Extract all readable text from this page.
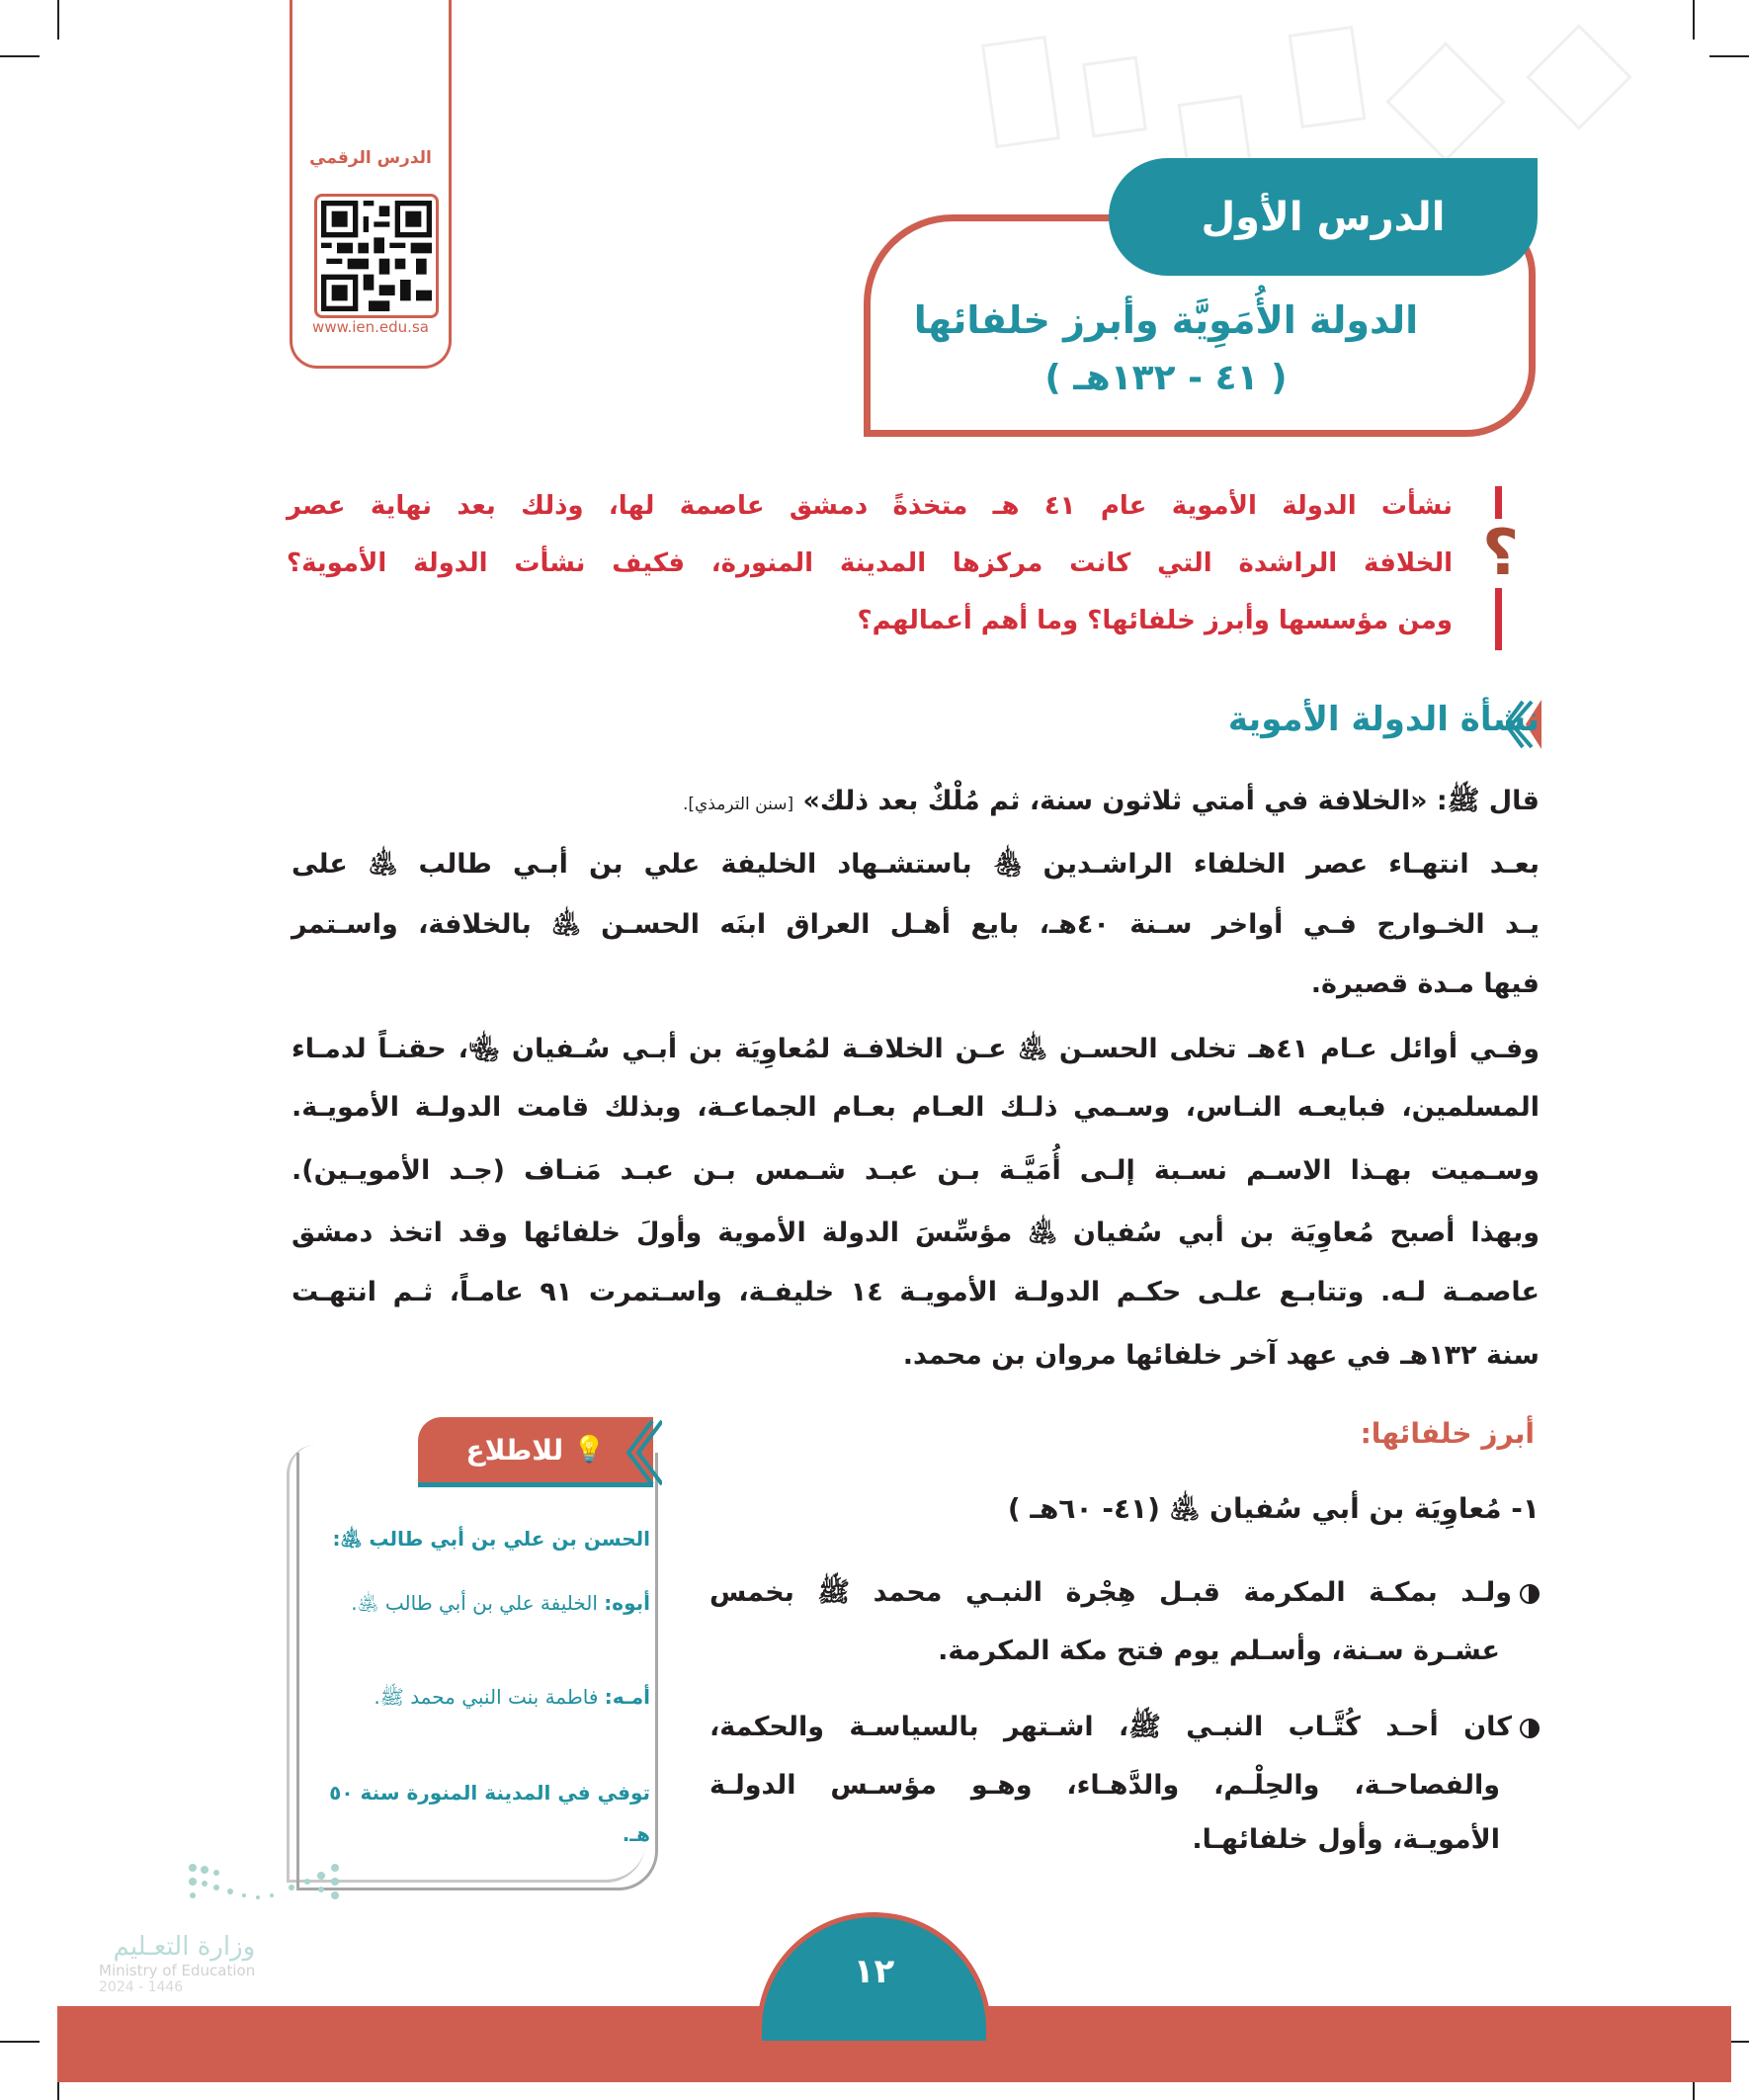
الدرس الرقمي
www.ien.edu.sa
الدرس الأول
الدولة الأُمَوِيَّة وأبرز خلفائها
( ٤١ - ١٣٢هـ )
؟
نشأت الدولة الأموية عام ٤١ هـ متخذةً دمشق عاصمة لها، وذلك بعد نهاية عصر
الخلافة الراشدة التي كانت مركزها المدينة المنورة، فكيف نشأت الدولة الأموية؟
ومن مؤسسها وأبرز خلفائها؟ وما أهم أعمالهم؟
نشأة الدولة الأموية
قال ﷺ: «الخلافة في أمتي ثلاثون سنة، ثم مُلْكٌ بعد ذلك» [سنن الترمذي].
بعـد انتهـاء عصر الخلفاء الراشـدين ﵃ باستشـهاد الخليفة علي بن أبـي طالب ﵁ على
يـد الخـوارج فـي أواخر سـنة ٤٠هـ، بايع أهـل العراق ابنَه الحسـن ﵁ بالخلافة، واسـتمر
فيها مـدة قصيرة.
وفـي أوائل عـام ٤١هـ تخلى الحسـن ﵁ عـن الخلافـة لمُعاوِيَة بن أبـي سُـفيان ﵄، حقنـاً لدمـاء
المسلمين، فبايعـه النـاس، وسـمي ذلـك العـام بعـام الجماعـة، وبذلك قامت الدولـة الأمويـة.
وسـميت بهـذا الاسـم نسـبة إلـى أُمَيَّـة بـن عبـد شـمس بـن عبـد مَنـاف (جـد الأمويـين).
وبهذا أصبح مُعاوِيَة بن أبي سُفيان ﵁ مؤسِّسَ الدولة الأموية وأولَ خلفائها وقد اتخذ دمشق
عاصمـة لـه. وتتابـع علـى حكـم الدولـة الأمويـة ١٤ خليفـة، واسـتمرت ٩١ عامـاً، ثـم انتهـت
سنة ١٣٢هـ في عهد آخر خلفائها مروان بن محمد.
أبرز خلفائها:
١- مُعاوِيَة بن أبي سُفيان ﵁ (٤١- ٦٠هـ )
ولـد بمكـة المكرمة قبـل هِجْرة النبـي محمد ﷺ بخمس
عشـرة سـنة، وأسـلم يوم فتح مكة المكرمة.
كان أحـد كُتَّـاب النبـي ﷺ، اشـتهر بالسياسـة والحكمة،
والفصاحـة، والحِلْـم، والدَّهـاء، وهـو مؤسـس الدولـة
الأمويـة، وأول خلفائهـا.
💡
للاطلاع
الحسن بن علي بن أبي طالب ﵁:
أبوه: الخليفة علي بن أبي طالب ﵁.
أمـه: فاطمة بنت النبي محمد ﷺ.
توفي في المدينة المنورة سنة ٥٠ هـ.
وزارة التعـليم
Ministry of Education
2024 - 1446	١٢
